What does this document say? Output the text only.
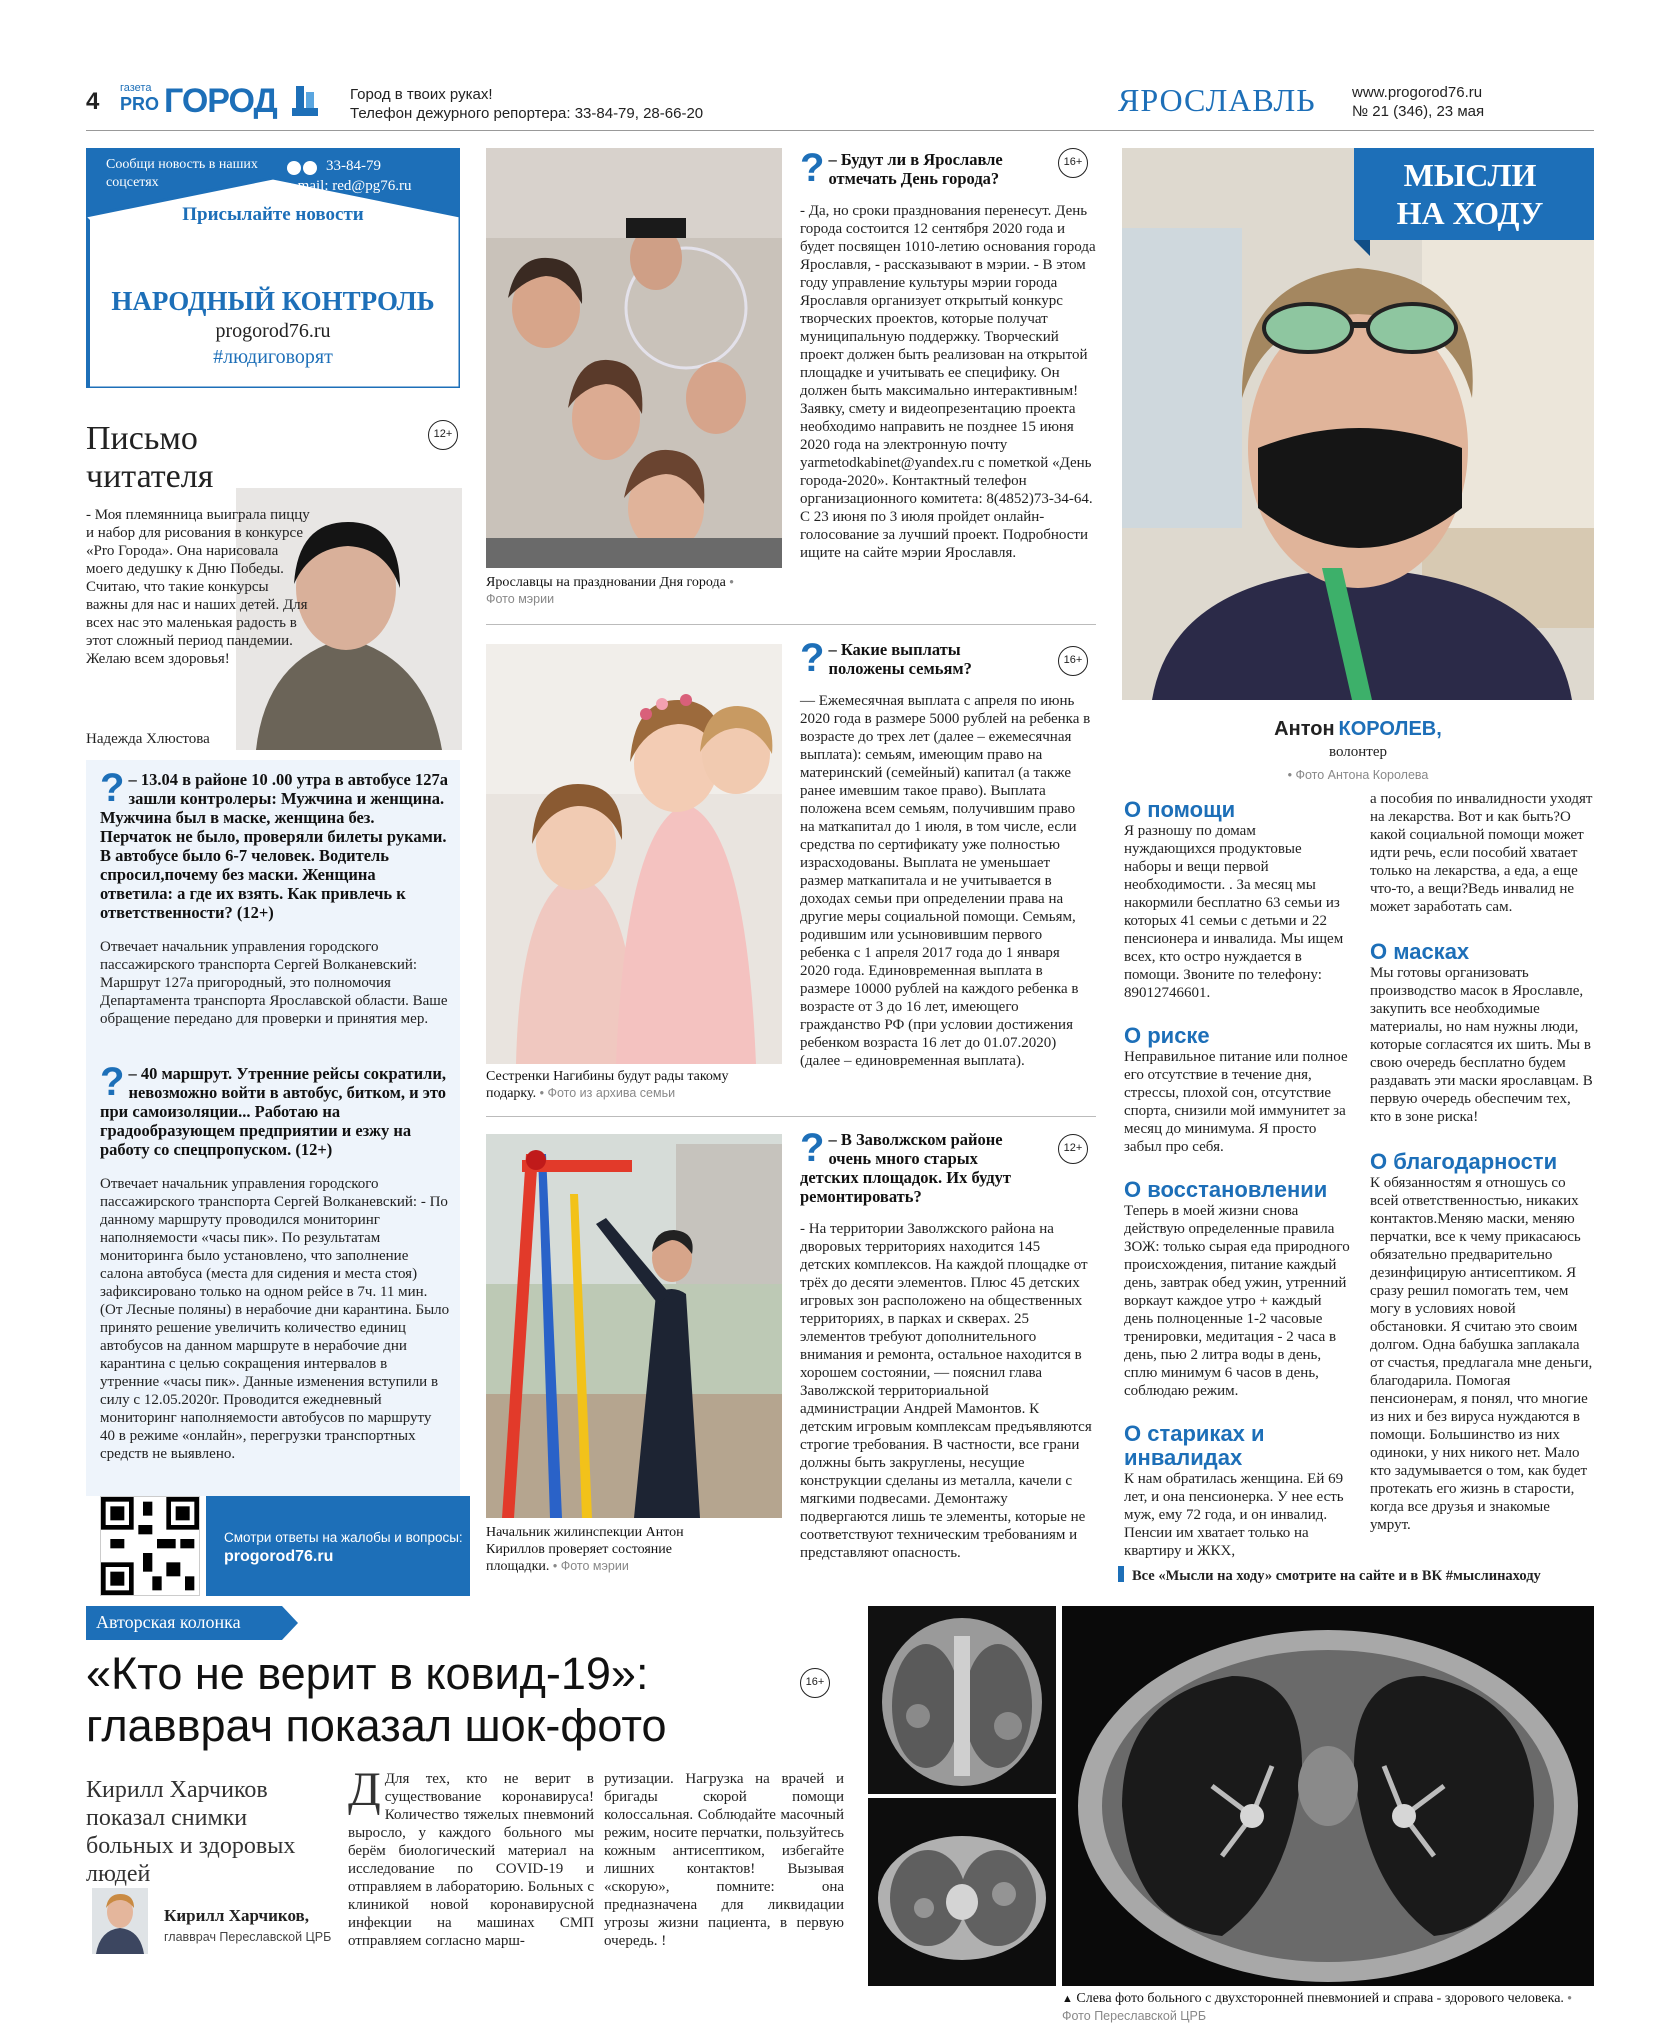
4 газета
PRO ГОРОД	Город в твоих руках!
Телефон дежурного репортера: 33-84-79, 28-66-20	ЯРОСЛАВЛЬ www.progorod76.ru
№ 21 (346), 23 мая
Сообщи новость в наших соцсетях
33-84-79
e-mail: red@pg76.ru
Присылайте новости
НАРОДНЫЙ КОНТРОЛЬ
progorod76.ru
#людиговорят
Письмо читателя
12+
- Моя племянница выиграла пиццу и набор для рисования в конкурсе «Pro Города». Она нарисовала моего дедушку к Дню Победы. Считаю, что такие конкурсы важны для нас и наших детей. Для всех нас это маленькая радость в этот сложный период пандемии. Желаю всем здоровья!
Надежда Хлюстова
? – 13.04 в районе 10 .00 утра в автобусе 127а зашли контролеры: Мужчина и женщина. Мужчина был в маске, женщина без. Перчаток не было, проверяли билеты руками. В автобусе было 6-7 человек. Водитель спросил,почему без маски. Женщина ответила: а где их взять. Как привлечь к ответственности? (12+)
Отвечает начальник управления городского пассажирского транспорта Сергей Волканевский: Маршрут 127а пригородный, это полномочия Департамента транспорта Ярославской области. Ваше обращение передано для проверки и принятия мер.
? – 40 маршрут. Утренние рейсы сократили, невозможно войти в автобус, битком, и это при самоизоляции... Работаю на градообразующем предприятии и езжу на работу со спецпропуском. (12+)
Отвечает начальник управления городского пассажирского транспорта Сергей Волканевский: - По данному маршруту проводился мониторинг наполняемости «часы пик». По результатам мониторинга было установлено, что заполнение салона автобуса (места для сидения и места стоя) зафиксировано только на одном рейсе в 7ч. 11 мин. (От Лесные поляны) в нерабочие дни карантина. Было принято решение увеличить количество единиц автобусов на данном маршруте в нерабочие дни карантина с целью сокращения интервалов в утренние «часы пик». Данные изменения вступили в силу с 12.05.2020г. Проводится ежедневный мониторинг наполняемости автобусов по маршруту 40 в режиме «онлайн», перегрузки транспортных средств не выявлено.
Смотри ответы на жалобы и вопросы:
progorod76.ru
Ярославцы на праздновании Дня города • Фото мэрии
? – Будут ли в Ярославле отмечать День города?
- Да, но сроки празднования перенесут. День города состоится 12 сентября 2020 года и будет посвящен 1010-летию основания города Ярославля, - рассказывают в мэрии. - В этом году управление культуры мэрии города Ярославля организует открытый конкурс творческих проектов, которые получат муниципальную поддержку. Творческий проект должен быть реализован на открытой площадке и учитывать ее специфику. Он должен быть максимально интерактивным! Заявку, смету и видеопрезентацию проекта необходимо направить не позднее 15 июня 2020 года на электронную почту yarmetodkabinet@yandex.ru с пометкой «День города-2020». Контактный телефон организационного комитета: 8(4852)73-34-64. С 23 июня по 3 июля пройдет онлайн-голосование за лучший проект. Подробности ищите на сайте мэрии Ярославля.
16+
Сестренки Нагибины будут рады такому подарку. • Фото из архива семьи
? – Какие выплаты положены семьям?
— Ежемесячная выплата с апреля по июнь 2020 года в размере 5000 рублей на ребенка в возрасте до трех лет (далее – ежемесячная выплата): семьям, имеющим право на материнский (семейный) капитал (а также ранее имевшим такое право). Выплата положена всем семьям, получившим право на маткапитал до 1 июля, в том числе, если средства по сертификату уже полностью израсходованы. Выплата не уменьшает размер маткапитала и не учитывается в доходах семьи при определении права на другие меры социальной помощи. Семьям, родившим или усыновившим первого ребенка с 1 апреля 2017 года до 1 января 2020 года. Единовременная выплата в размере 10000 рублей на каждого ребенка в возрасте от 3 до 16 лет, имеющего гражданство РФ (при условии достижения ребенком возраста 16 лет до 01.07.2020) (далее – единовременная выплата).
16+
Начальник жилинспекции Антон Кириллов проверяет состояние площадки. • Фото мэрии
? – В Заволжском районе очень много старых детских площадок. Их будут ремонтировать?
- На территории Заволжского района на дворовых территориях находится 145 детских комплексов. На каждой площадке от трёх до десяти элементов. Плюс 45 детских игровых зон расположено на общественных территориях, в парках и скверах. 25 элементов требуют дополнительного внимания и ремонта, остальное находится в хорошем состоянии, — пояснил глава Заволжской территориальной администрации Андрей Мамонтов. К детским игровым комплексам предъявляются строгие требования. В частности, все грани должны быть закруглены, несущие конструкции сделаны из металла, качели с мягкими подвесами. Демонтажу подвергаются лишь те элементы, которые не соответствуют техническим требованиям и представляют опасность.
12+
МЫСЛИ НА ХОДУ
Антон КОРОЛЕВ,
волонтер
• Фото Антона Королева
О помощи
Я разношу по домам нуждающихся продуктовые наборы и вещи первой необходимости. . За месяц мы накормили бесплатно 63 семьи из которых 41 семьи с детьми и 22 пенсионера и инвалида. Мы ищем всех, кто остро нуждается в помощи. Звоните по телефону: 89012746601.
О риске
Неправильное питание или полное его отсутствие в течение дня, стрессы, плохой сон, отсутствие спорта, снизили мой иммунитет за месяц до минимума. Я просто забыл про себя.
О восстановлении
Теперь в моей жизни снова действую определенные правила ЗОЖ: только сырая еда природного происхождения, питание каждый день, завтрак обед ужин, утренний воркаут каждое утро + каждый день полноценные 1-2 часовые тренировки, медитация - 2 часа в день, пью 2 литра воды в день, сплю минимум 6 часов в день, соблюдаю режим.
О стариках и инвалидах
К нам обратилась женщина. Ей 69 лет, и она пенсионерка. У нее есть муж, ему 72 года, и он инвалид. Пенсии им хватает только на квартиру и ЖКХ,
а пособия по инвалидности уходят на лекарства. Вот и как быть?О какой социальной помощи может идти речь, если пособий хватает только на лекарства, а еда, а еще что-то, а вещи?Ведь инвалид не может заработать сам.
О масках
Мы готовы организовать производство масок в Ярославле, закупить все необходимые материалы, но нам нужны люди, которые согласятся их шить. Мы в свою очередь бесплатно будем раздавать эти маски ярославцам. В первую очередь обеспечим тех, кто в зоне риска!
О благодарности
К обязанностям я отношусь со всей ответственностью, никаких контактов.Меняю маски, меняю перчатки, все к чему прикасаюсь обязательно предварительно дезинфицирую антисептиком. Я сразу решил помогать тем, чем могу в условиях новой обстановки. Я считаю это своим долгом. Одна бабушка заплакала от счастья, предлагала мне деньги, благодарила. Помогая пенсионерам, я понял, что многие из них и без вируса нуждаются в помощи. Большинство из них одиноки, у них никого нет. Мало кто задумывается о том, как будет протекать его жизнь в старости, когда все друзья и знакомые умрут.
Все «Мысли на ходу» смотрите на сайте и в ВК #мыслинаходу
Авторская колонка
«Кто не верит в ковид-19»: главврач показал шок-фото
16+
Кирилл Харчиков показал снимки больных и здоровых людей
Кирилл Харчиков,
главврач Переславской ЦРБ
Д Для тех, кто не верит в существование коронавируса!Количество тяжелых пневмоний выросло, у каждого больного мы берём биологический материал на исследование по COVID-19 и отправляем в лабораторию. Больных с клиникой новой коронавирусной инфекции на машинах СМП отправляем согласно марш-
рутизации. Нагрузка на врачей и бригады скорой помощи колоссальная. Соблюдайте масочный режим, носите перчатки, пользуйтесь кожным антисептиком, избегайте лишних контактов! Вызывая «скорую», помните: она предназначена для ликвидации угрозы жизни пациента, в первую очередь. !
▲ Слева фото больного с двухсторонней пневмонией и справа - здорового человека. • Фото Переславской ЦРБ
